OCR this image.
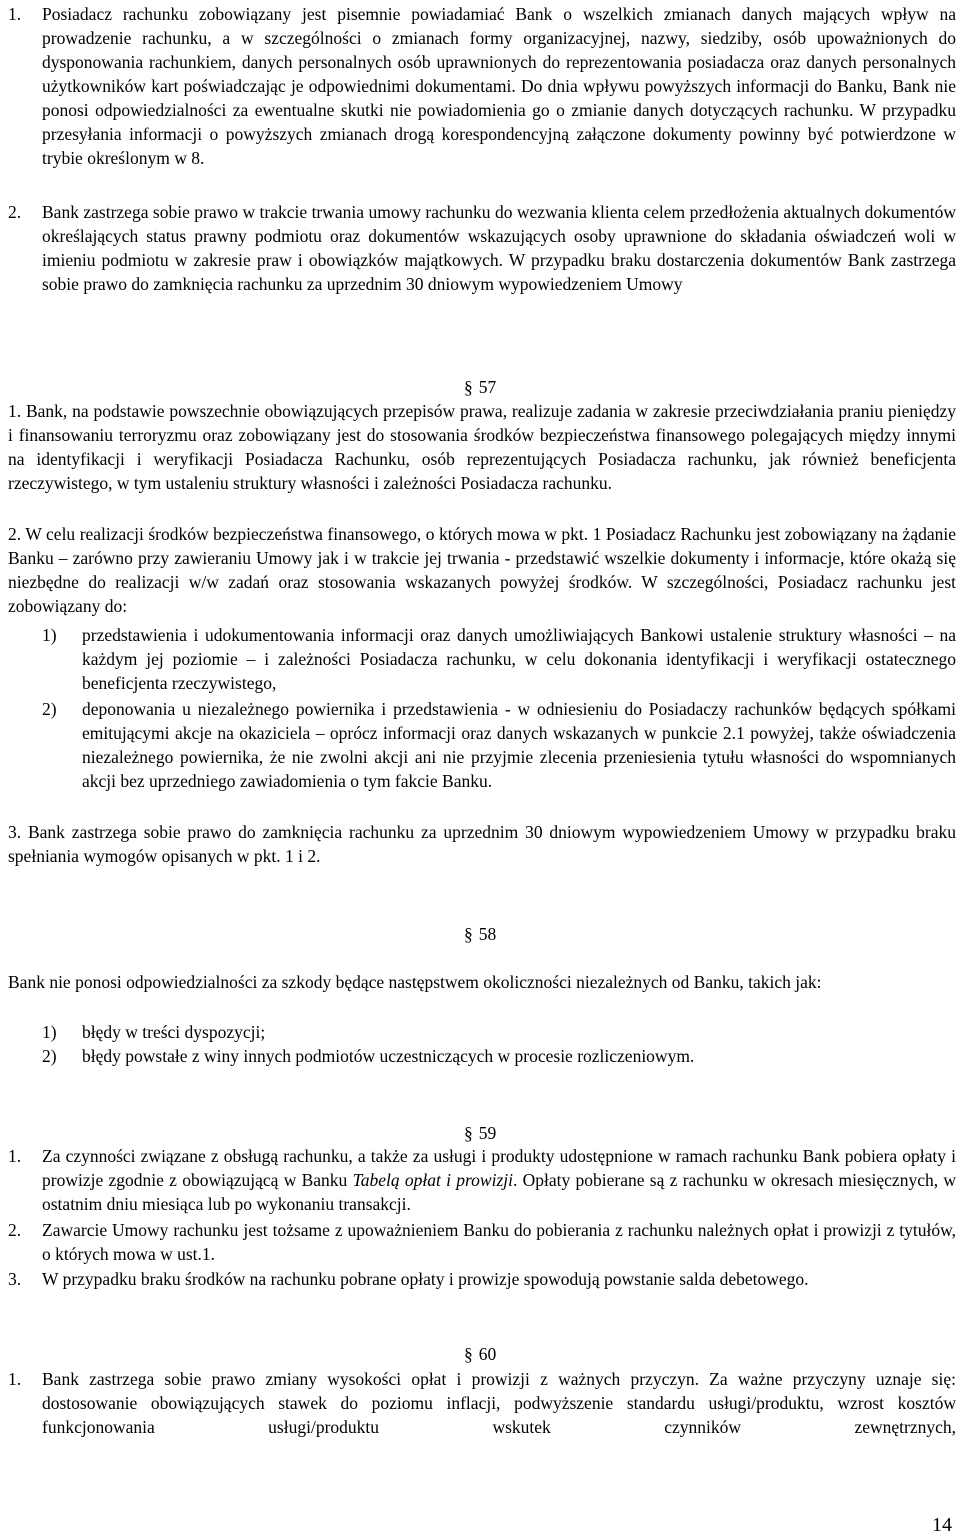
1.	Posiadacz rachunku zobowiązany jest pisemnie powiadamiać Bank o wszelkich zmianach danych mających wpływ na prowadzenie rachunku, a w szczególności o zmianach formy organizacyjnej, nazwy, siedziby, osób upoważnionych do dysponowania rachunkiem, danych personalnych osób uprawnionych do reprezentowania posiadacza oraz danych personalnych użytkowników kart poświadczając je odpowiednimi dokumentami. Do dnia wpływu powyższych informacji do Banku, Bank nie ponosi odpowiedzialności za ewentualne skutki nie powiadomienia go o zmianie danych dotyczących rachunku. W przypadku przesyłania informacji o powyższych zmianach drogą korespondencyjną załączone dokumenty powinny być potwierdzone w trybie określonym w 8.
2.	Bank zastrzega sobie prawo w trakcie trwania umowy rachunku do wezwania klienta celem przedłożenia aktualnych dokumentów określających status prawny podmiotu oraz dokumentów wskazujących osoby uprawnione do składania oświadczeń woli w imieniu podmiotu w zakresie praw i obowiązków majątkowych. W przypadku braku dostarczenia dokumentów Bank zastrzega sobie prawo do zamknięcia rachunku za uprzednim 30 dniowym wypowiedzeniem Umowy
§ 57
1. Bank, na podstawie powszechnie obowiązujących przepisów prawa, realizuje zadania w zakresie przeciwdziałania praniu pieniędzy i finansowaniu terroryzmu oraz zobowiązany jest do stosowania środków bezpieczeństwa finansowego polegających między innymi na identyfikacji i weryfikacji Posiadacza Rachunku, osób reprezentujących Posiadacza rachunku, jak również beneficjenta rzeczywistego, w tym ustaleniu struktury własności i zależności Posiadacza rachunku.
2. W celu realizacji środków bezpieczeństwa finansowego, o których mowa w pkt. 1 Posiadacz Rachunku jest zobowiązany na żądanie Banku – zarówno przy zawieraniu Umowy jak i w trakcie jej trwania - przedstawić wszelkie dokumenty i informacje, które okażą się niezbędne do realizacji w/w zadań oraz stosowania wskazanych powyżej środków. W szczególności, Posiadacz rachunku jest zobowiązany do:
1)	przedstawienia i udokumentowania informacji oraz danych umożliwiających Bankowi ustalenie struktury własności – na każdym jej poziomie – i zależności Posiadacza rachunku, w celu dokonania identyfikacji i weryfikacji ostatecznego beneficjenta rzeczywistego,
2)	deponowania u niezależnego powiernika i przedstawienia - w odniesieniu do Posiadaczy rachunków będących spółkami emitującymi akcje na okaziciela – oprócz informacji oraz danych wskazanych w punkcie 2.1 powyżej, także oświadczenia niezależnego powiernika, że nie zwolni akcji ani nie przyjmie zlecenia przeniesienia tytułu własności do wspomnianych akcji bez uprzedniego zawiadomienia o tym fakcie Banku.
3. Bank zastrzega sobie prawo do zamknięcia rachunku za uprzednim 30 dniowym wypowiedzeniem Umowy w przypadku braku spełniania wymogów opisanych w pkt. 1 i 2.
§ 58
Bank nie ponosi odpowiedzialności za szkody będące następstwem okoliczności niezależnych od Banku, takich jak:
1)	błędy w treści dyspozycji;
2)	błędy powstałe z winy innych podmiotów uczestniczących w procesie rozliczeniowym.
§ 59
1.	Za czynności związane z obsługą rachunku, a także za usługi i produkty udostępnione w ramach rachunku Bank pobiera opłaty i prowizje zgodnie z obowiązującą w Banku Tabelą opłat i prowizji. Opłaty pobierane są z rachunku w okresach miesięcznych, w ostatnim dniu miesiąca lub po wykonaniu transakcji.
2.	Zawarcie Umowy rachunku jest tożsame z upoważnieniem Banku do pobierania z rachunku należnych opłat i prowizji z tytułów, o których mowa w ust.1.
3.	W przypadku braku środków na rachunku pobrane opłaty i prowizje spowodują powstanie salda debetowego.
§ 60
1.	Bank zastrzega sobie prawo zmiany wysokości opłat i prowizji z ważnych przyczyn. Za ważne przyczyny uznaje się: dostosowanie obowiązujących stawek do poziomu inflacji, podwyższenie standardu usługi/produktu, wzrost kosztów funkcjonowania usługi/produktu wskutek czynników zewnętrznych,
14
